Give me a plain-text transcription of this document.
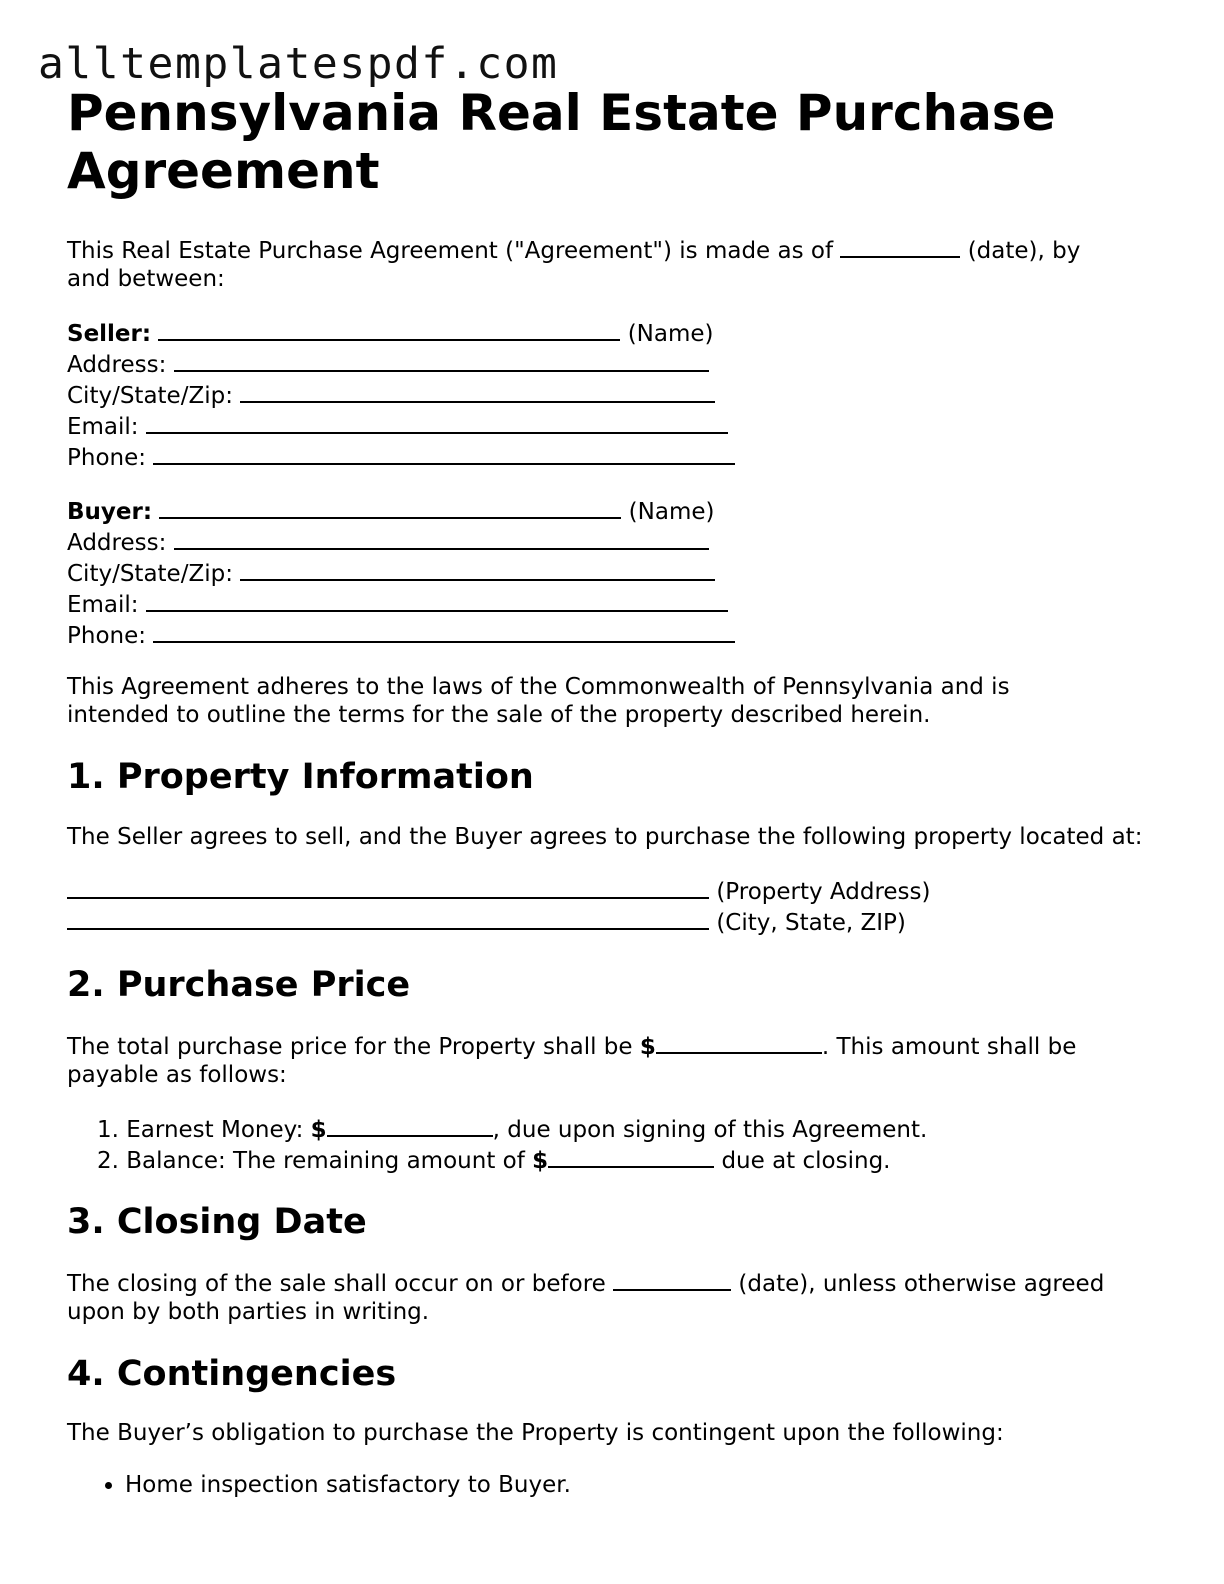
alltemplatespdf.com
Pennsylvania Real Estate Purchase Agreement

This Real Estate Purchase Agreement ("Agreement") is made as of	(date), by and between:

Seller:	(Name)
Address:
City/State/Zip:
Email:
Phone:
Buyer:	(Name)
Address:
City/State/Zip:
Email:
Phone:

This Agreement adheres to the laws of the Commonwealth of Pennsylvania and is intended to outline the terms for the sale of the property described herein.

1. Property Information

The Seller agrees to sell, and the Buyer agrees to purchase the following property located at:

(Property Address)
(City, State, ZIP)
2. Purchase Price

The total purchase price for the Property shall be $	. This amount shall be payable as follows:

1. Earnest Money: $	, due upon signing of this Agreement.
2. Balance: The remaining amount of $	due at closing.
3. Closing Date

The closing of the sale shall occur on or before	(date), unless otherwise agreed upon by both parties in writing.

4. Contingencies

The Buyer’s obligation to purchase the Property is contingent upon the following:

• Home inspection satisfactory to Buyer.
